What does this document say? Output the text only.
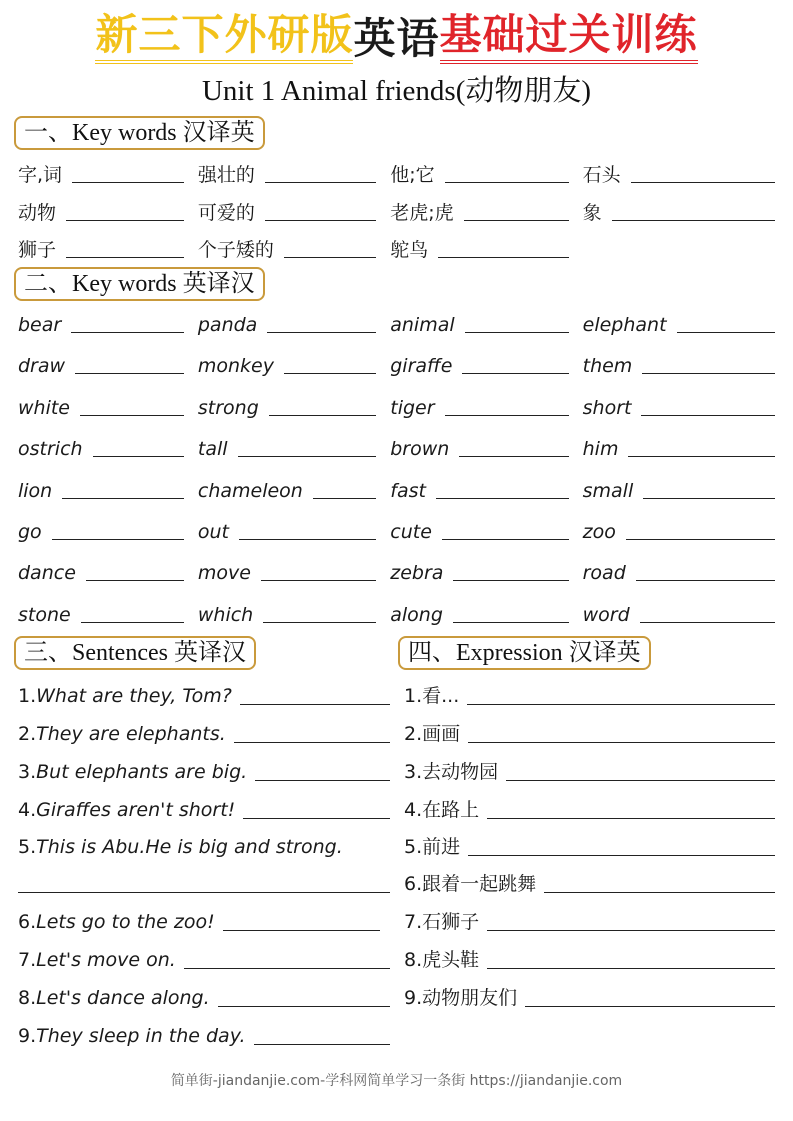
新三下外研版 英语 基础过关训练
Unit 1 Animal friends(动物朋友)
一、Key words 汉译英
字,词	强壮的	他;它	石头
动物	可爱的	老虎;虎	象
狮子	个子矮的	鸵鸟
二、Key words 英译汉
bear	panda	animal	elephant
draw	monkey	giraffe	them
white	strong	tiger	short
ostrich	tall	brown	him
lion	chameleon	fast	small
go	out	cute	zoo
dance	move	zebra	road
stone	which	along	word
三、Sentences 英译汉	四、Expression 汉译英
1. What are they, Tom?
2. They are elephants.
3. But elephants are big.
4. Giraffes aren't short!
5. This is Abu.He is big and strong.
6. Lets go to the zoo!
7. Let's move on.
8. Let's dance along.
9. They sleep in the day.
1.看...
2.画画
3.去动物园
4.在路上
5.前进
6.跟着一起跳舞
7.石狮子
8.虎头鞋
9.动物朋友们
简单街-jiandanjie.com-学科网简单学习一条街 https://jiandanjie.com
